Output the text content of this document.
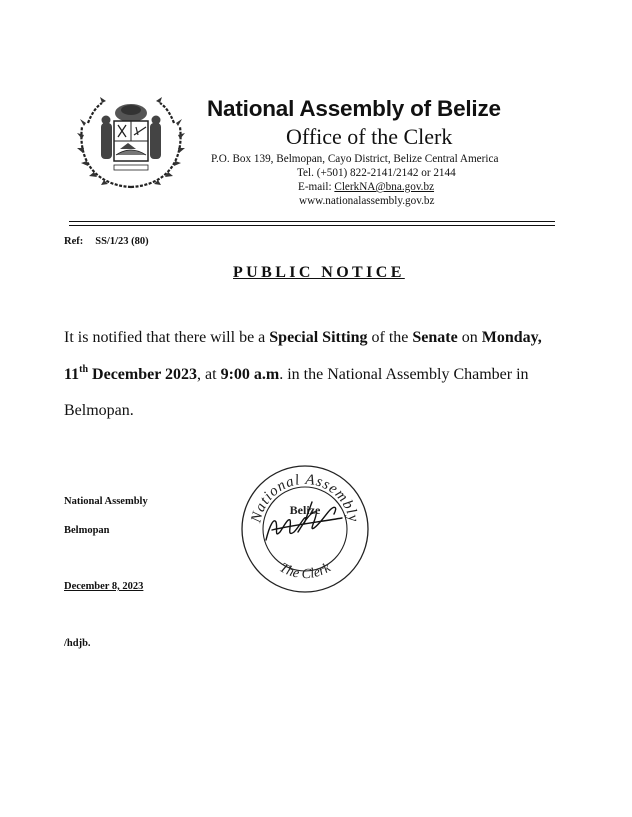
National Assembly of Belize
Office of the Clerk
P.O. Box 139, Belmopan, Cayo District, Belize Central America
Tel. (+501) 822-2141/2142 or 2144
E-mail: ClerkNA@bna.gov.bz
www.nationalassembly.gov.bz
Ref: SS/1/23 (80)
PUBLIC NOTICE
It is notified that there will be a Special Sitting of the Senate on Monday,
11th December 2023, at 9:00 a.m. in the National Assembly Chamber in
Belmopan.
National Assembly
Belmopan
December 8, 2023
/hdjb.
National Assembly
The Clerk
Belize
